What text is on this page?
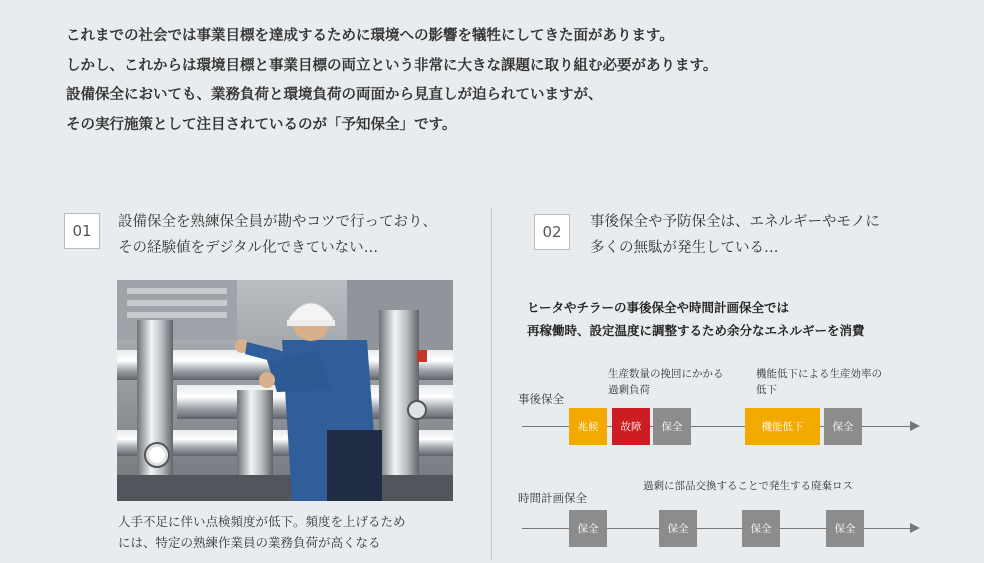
これまでの社会では事業目標を達成するために環境への影響を犠牲にしてきた面があります。
しかし、これからは環境目標と事業目標の両立という非常に大きな課題に取り組む必要があります。
設備保全においても、業務負荷と環境負荷の両面から見直しが迫られていますが、
その実行施策として注目されているのが「予知保全」です。
01	設備保全を熟練保全員が勘やコツで行っており、
その経験値をデジタル化できていない…
人手不足に伴い点検頻度が低下。頻度を上げるため
には、特定の熟練作業員の業務負荷が高くなる
02
事後保全や予防保全は、エネルギーやモノに
多くの無駄が発生している…
ヒータやチラーの事後保全や時間計画保全では
再稼働時、設定温度に調整するため余分なエネルギーを消費
生産数量の挽回にかかる
過剰負荷
機能低下による生産効率の
低下
事後保全
兆候	故障	保全	機能低下	保全
過剰に部品交換することで発生する廃棄ロス
時間計画保全
保全	保全	保全	保全
